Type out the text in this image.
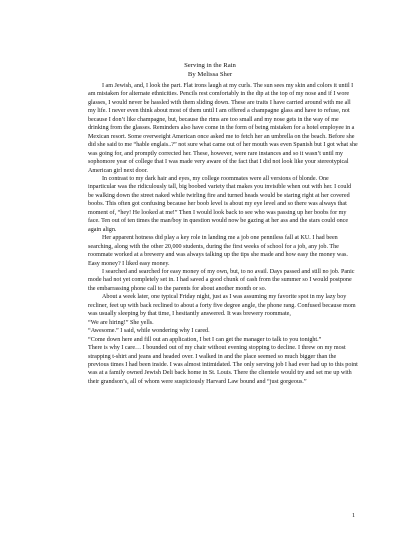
Serving in the Rain
By Melissa Sher

I am Jewish, and, I look the part. Flat irons laugh at my curls. The sun sees my skin and colors it until I am mistaken for alternate ethnicities. Pencils rest comfortably in the dip at the top of my nose and if I wore glasses, I would never be hassled with them sliding down. These are traits I have carried around with me all my life. I never even think about most of them until I am offered a champagne glass and have to refuse, not because I don’t like champagne, but, because the rims are too small and my nose gets in the way of me drinking from the glasses. Reminders also have come in the form of being mistaken for a hotel employee in a Mexican resort. Some overweight American once asked me to fetch her an umbrella on the beach. Before she did she said to me “hable englais..?” not sure what came out of her mouth was even Spanish but I got what she was going for, and promptly corrected her. These, however, were rare instances and so it wasn’t until my sophomore year of college that I was made very aware of the fact that I did not look like your stereotypical American girl next door.

In contrast to my dark hair and eyes, my college roommates were all versions of blonde. One inparticular was the ridiculously tall, big boobed variety that makes you invisible when out with her. I could be walking down the street naked while twirling fire and turned heads would be staring right at her covered boobs. This often got confusing because her boob level is about my eye level and so there was always that moment of, “hey! He looked at me!” Then I would look back to see who was passing up her boobs for my face. Ten out of ten times the man/boy in question would now be gazing at her ass and the stars could once again align.

Her apparent hotness did play a key role in landing me a job one penniless fall at KU. I had been searching, along with the other 20,000 students, during the first weeks of school for a job, any job. The roommate worked at a brewery and was always talking up the tips she made and how easy the money was. Easy money? I liked easy money.

I searched and searched for easy money of my own, but, to no avail. Days passed and still no job. Panic mode had not yet completely set in. I had saved a good chunk of cash from the summer so I would postpone the embarrassing phone call to the parents for about another month or so.

About a week later, one typical Friday night, just as I was assuming my favorite spot in my lazy boy recliner, feet up with back reclined to about a forty five degree angle, the phone rang. Confused because mom was usually sleeping by that time, I hesitantly answered. It was brewery roommate,

“We are hiring!” She yells.

“Awesome.” I said, while wondering why I cared.

“Come down here and fill out an application, I bet I can get the manager to talk to you tonight.”

There is why I care… I bounded out of my chair without evening stopping to decline. I threw on my most strapping t-shirt and jeans and headed over. I walked in and the place seemed so much bigger than the previous times I had been inside. I was almost intimidated. The only serving job I had ever had up to this point was at a family owned Jewish Deli back home in St. Louis. There the clientele would try and set me up with their grandson’s, all of whom were suspiciously Harvard Law bound and “just gorgeous.”

1
